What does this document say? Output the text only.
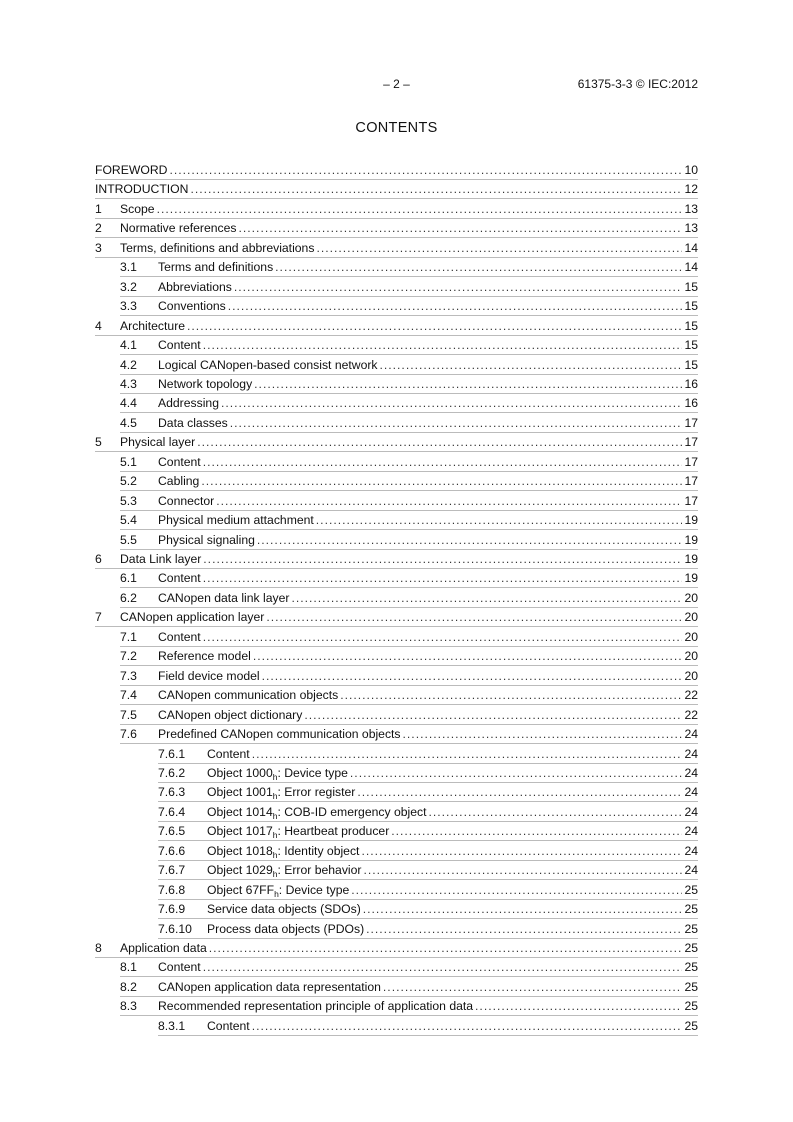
– 2 –	61375-3-3 © IEC:2012
CONTENTS
FOREWORD .....	10
INTRODUCTION .....	12
1	Scope .....	13
2	Normative references .....	13
3	Terms, definitions and abbreviations .....	14
3.1 Terms and definitions .....	14
3.2 Abbreviations .....	15
3.3 Conventions .....	15
4	Architecture .....	15
4.1 Content .....	15
4.2 Logical CANopen-based consist network .....	15
4.3 Network topology .....	16
4.4 Addressing .....	16
4.5 Data classes .....	17
5	Physical layer .....	17
5.1 Content .....	17
5.2 Cabling .....	17
5.3 Connector .....	17
5.4 Physical medium attachment .....	19
5.5 Physical signaling .....	19
6	Data Link layer .....	19
6.1 Content .....	19
6.2 CANopen data link layer .....	20
7	CANopen application layer .....	20
7.1 Content .....	20
7.2 Reference model .....	20
7.3 Field device model .....	20
7.4 CANopen communication objects .....	22
7.5 CANopen object dictionary .....	22
7.6 Predefined CANopen communication objects .....	24
7.6.1 Content .....	24
7.6.2 Object $1000_h$: Device type .....	24
7.6.3 Object $1001_h$: Error register .....	24
7.6.4 Object $1014_h$: COB-ID emergency object .....	24
7.6.5 Object $1017_h$: Heartbeat producer .....	24
7.6.6 Object $1018_h$: Identity object .....	24
7.6.7 Object $1029_h$: Error behavior .....	24
7.6.8 Object $67FF_h$: Device type .....	25
7.6.9 Service data objects (SDOs) .....	25
7.6.10 Process data objects (PDOs) .....	25
8	Application data .....	25
8.1 Content .....	25
8.2 CANopen application data representation .....	25
8.3 Recommended representation principle of application data .....	25
8.3.1 Content .....	25
